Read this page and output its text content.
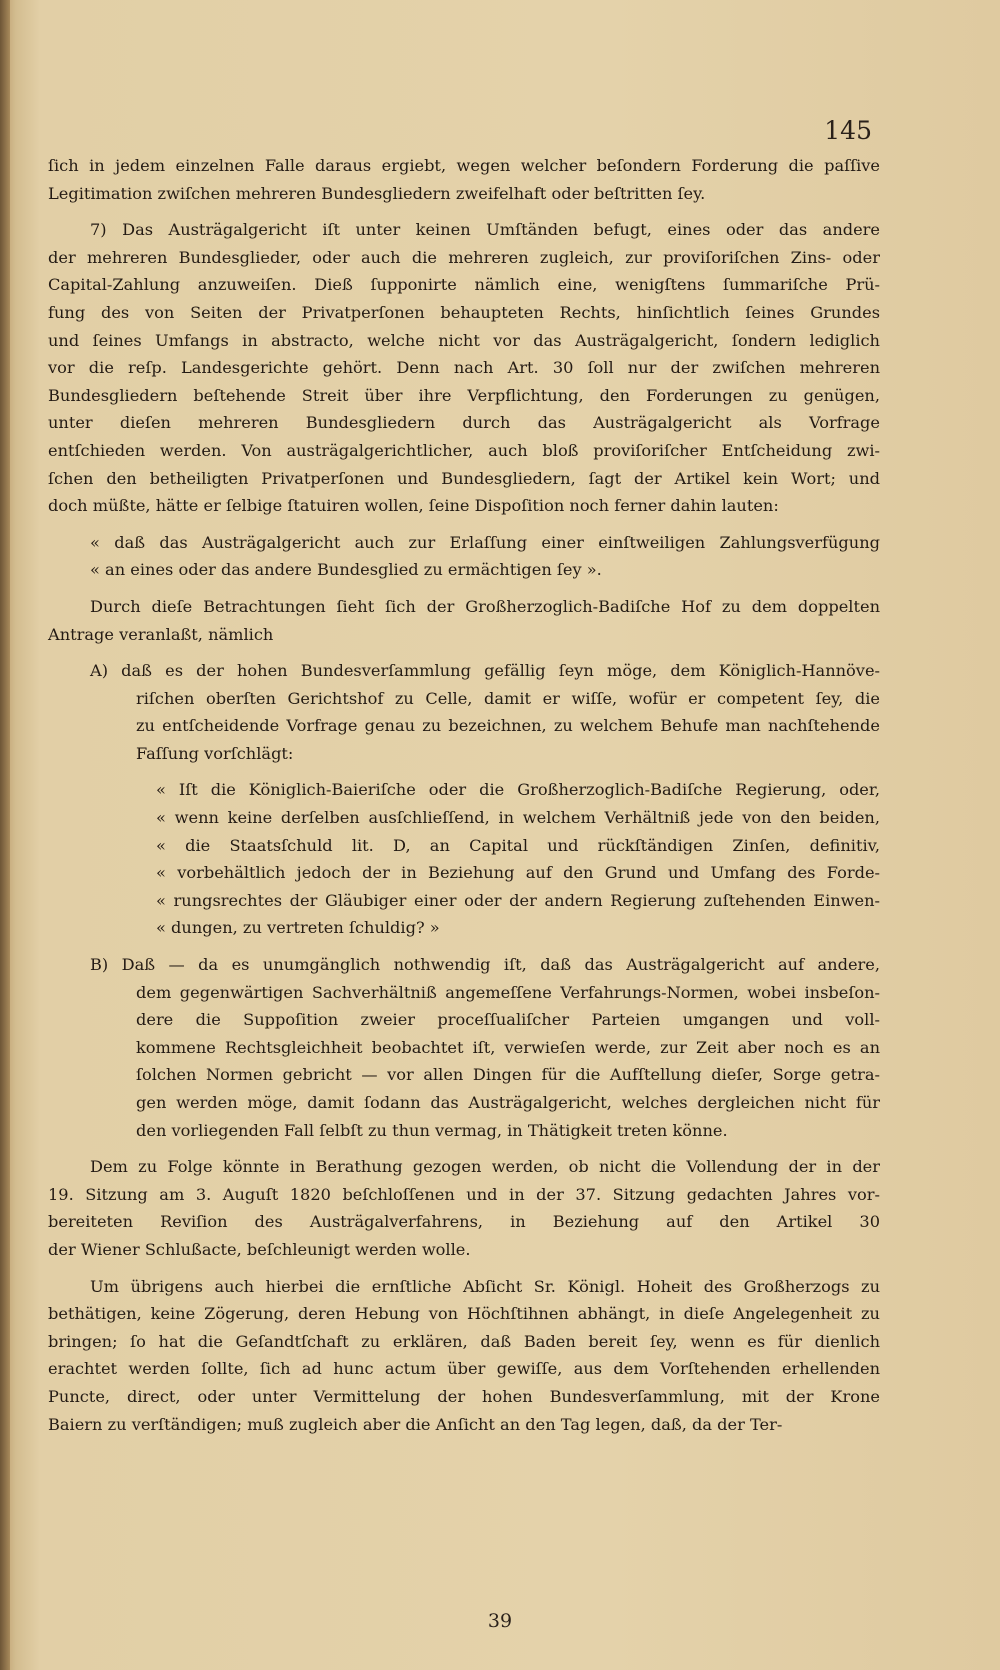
145
ſich in jedem einzelnen Falle daraus ergiebt, wegen welcher beſondern Forderung die paſſive
Legitimation zwiſchen mehreren Bundesgliedern zweifelhaft oder beſtritten ſey.
7) Das Austrägalgericht iſt unter keinen Umſtänden befugt, eines oder das andere
der mehreren Bundesglieder, oder auch die mehreren zugleich, zur proviſoriſchen Zins- oder
Capital-Zahlung anzuweiſen. Dieß ſupponirte nämlich eine, wenigſtens ſummariſche Prü-
fung des von Seiten der Privatperſonen behaupteten Rechts, hinſichtlich ſeines Grundes
und ſeines Umfangs in abstracto, welche nicht vor das Austrägalgericht, ſondern lediglich
vor die reſp. Landesgerichte gehört. Denn nach Art. 30 ſoll nur der zwiſchen mehreren
Bundesgliedern beſtehende Streit über ihre Verpflichtung, den Forderungen zu genügen,
unter dieſen mehreren Bundesgliedern durch das Austrägalgericht als Vorfrage
entſchieden werden. Von austrägalgerichtlicher, auch bloß proviſoriſcher Entſcheidung zwi-
ſchen den betheiligten Privatperſonen und Bundesgliedern, ſagt der Artikel kein Wort; und
doch müßte, hätte er ſelbige ſtatuiren wollen, ſeine Dispoſition noch ferner dahin lauten:
« daß das Austrägalgericht auch zur Erlaſſung einer einſtweiligen Zahlungsverfügung
« an eines oder das andere Bundesglied zu ermächtigen ſey ».
Durch dieſe Betrachtungen ſieht ſich der Großherzoglich-Badiſche Hof zu dem doppelten
Antrage veranlaßt, nämlich
A) daß es der hohen Bundesverſammlung gefällig ſeyn möge, dem Königlich-Hannöve-
riſchen oberſten Gerichtshof zu Celle, damit er wiſſe, wofür er competent ſey, die
zu entſcheidende Vorfrage genau zu bezeichnen, zu welchem Behufe man nachſtehende
Faſſung vorſchlägt:
« Iſt die Königlich-Baieriſche oder die Großherzoglich-Badiſche Regierung, oder,
« wenn keine derſelben ausſchlieſſend, in welchem Verhältniß jede von den beiden,
« die Staatsſchuld lit. D, an Capital und rückſtändigen Zinſen, definitiv,
« vorbehältlich jedoch der in Beziehung auf den Grund und Umfang des Forde-
« rungsrechtes der Gläubiger einer oder der andern Regierung zuſtehenden Einwen-
« dungen, zu vertreten ſchuldig? »
B) Daß — da es unumgänglich nothwendig iſt, daß das Austrägalgericht auf andere,
dem gegenwärtigen Sachverhältniß angemeſſene Verfahrungs-Normen, wobei insbeſon-
dere die Suppoſition zweier proceſſualiſcher Parteien umgangen und voll-
kommene Rechtsgleichheit beobachtet iſt, verwieſen werde, zur Zeit aber noch es an
ſolchen Normen gebricht — vor allen Dingen für die Aufſtellung dieſer, Sorge getra-
gen werden möge, damit ſodann das Austrägalgericht, welches dergleichen nicht für
den vorliegenden Fall ſelbſt zu thun vermag, in Thätigkeit treten könne.
Dem zu Folge könnte in Berathung gezogen werden, ob nicht die Vollendung der in der
19. Sitzung am 3. Auguſt 1820 beſchloſſenen und in der 37. Sitzung gedachten Jahres vor-
bereiteten Reviſion des Austrägalverfahrens, in Beziehung auf den Artikel 30
der Wiener Schlußacte, beſchleunigt werden wolle.
Um übrigens auch hierbei die ernſtliche Abſicht Sr. Königl. Hoheit des Großherzogs zu
bethätigen, keine Zögerung, deren Hebung von Höchſtihnen abhängt, in dieſe Angelegenheit zu
bringen; ſo hat die Geſandtſchaft zu erklären, daß Baden bereit ſey, wenn es für dienlich
erachtet werden ſollte, ſich ad hunc actum über gewiſſe, aus dem Vorſtehenden erhellenden
Puncte, direct, oder unter Vermittelung der hohen Bundesverſammlung, mit der Krone
Baiern zu verſtändigen; muß zugleich aber die Anſicht an den Tag legen, daß, da der Ter-
39
